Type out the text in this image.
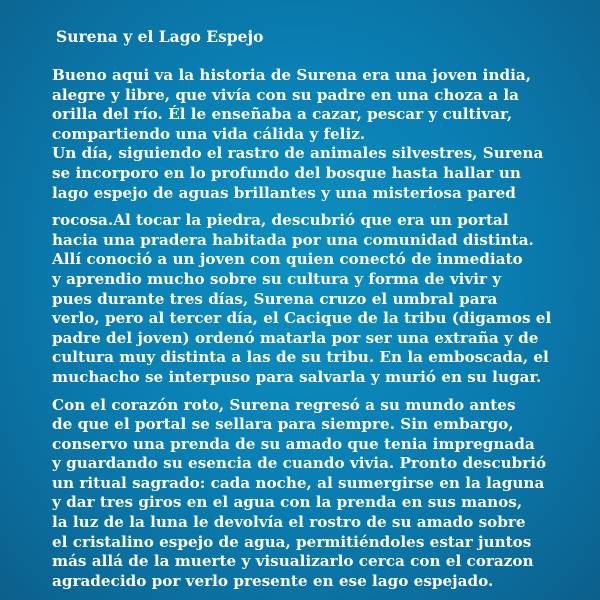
Surena y el Lago Espejo
Bueno aqui va la historia de Surena era una joven india,
alegre y libre, que vivía con su padre en una choza a la
orilla del río. Él le enseñaba a cazar, pescar y cultivar,
compartiendo una vida cálida y feliz.
Un día, siguiendo el rastro de animales silvestres, Surena
se incorporo en lo profundo del bosque hasta hallar un
lago espejo de aguas brillantes y una misteriosa pared
rocosa.Al tocar la piedra, descubrió que era un portal
hacia una pradera habitada por una comunidad distinta.
Allí conoció a un joven con quien conectó de inmediato
y aprendio mucho sobre su cultura y forma de vivir y
pues durante tres días, Surena cruzo el umbral para
verlo, pero al tercer día, el Cacique de la tribu (digamos el
padre del joven) ordenó matarla por ser una extraña y de
cultura muy distinta a las de su tribu. En la emboscada, el
muchacho se interpuso para salvarla y murió en su lugar.
Con el corazón roto, Surena regresó a su mundo antes
de que el portal se sellara para siempre. Sin embargo,
conservo una prenda de su amado que tenia impregnada
y guardando su esencia de cuando vivia. Pronto descubrió
un ritual sagrado: cada noche, al sumergirse en la laguna
y dar tres giros en el agua con la prenda en sus manos,
la luz de la luna le devolvía el rostro de su amado sobre
el cristalino espejo de agua, permitiéndoles estar juntos
más allá de la muerte y visualizarlo cerca con el corazon
agradecido por verlo presente en ese lago espejado.
